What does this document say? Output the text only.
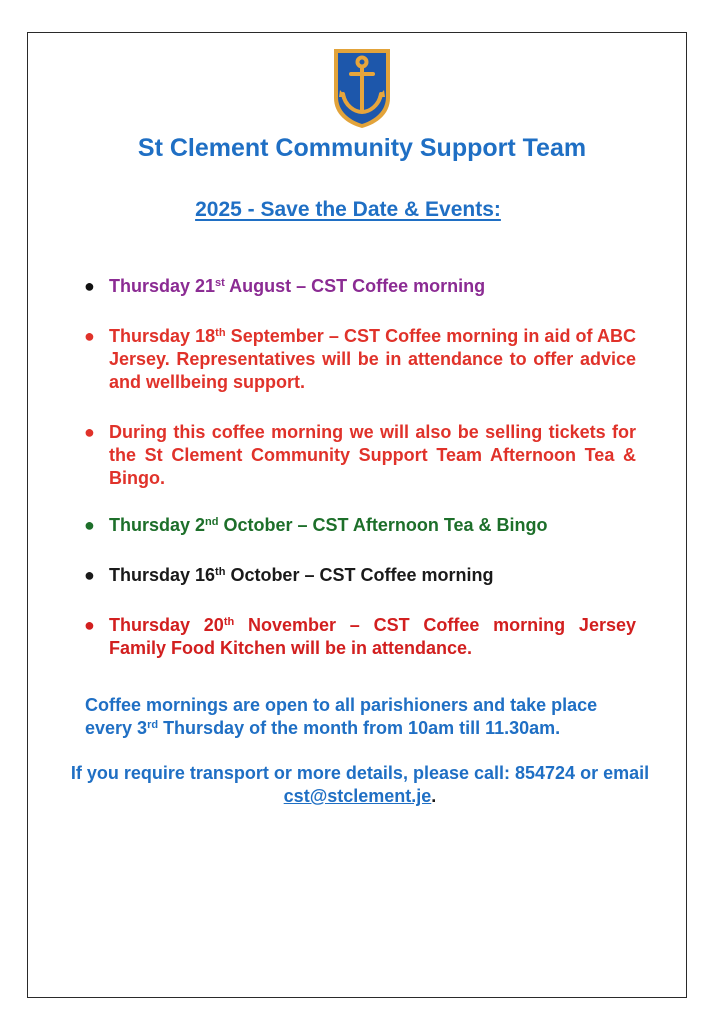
St Clement Community Support Team
2025 - Save the Date & Events:
● Thursday 21st August – CST Coffee morning
● Thursday 18th September – CST Coffee morning in aid of ABC Jersey. Representatives will be in attendance to offer advice and wellbeing support.
● During this coffee morning we will also be selling tickets for the St Clement Community Support Team Afternoon Tea & Bingo.
● Thursday 2nd October – CST Afternoon Tea & Bingo
● Thursday 16th October – CST Coffee morning
● Thursday 20th November – CST Coffee morning Jersey Family Food Kitchen will be in attendance.

Coffee mornings are open to all parishioners and take place every 3rd Thursday of the month from 10am till 11.30am.

If you require transport or more details, please call: 854724 or email cst@stclement.je.
